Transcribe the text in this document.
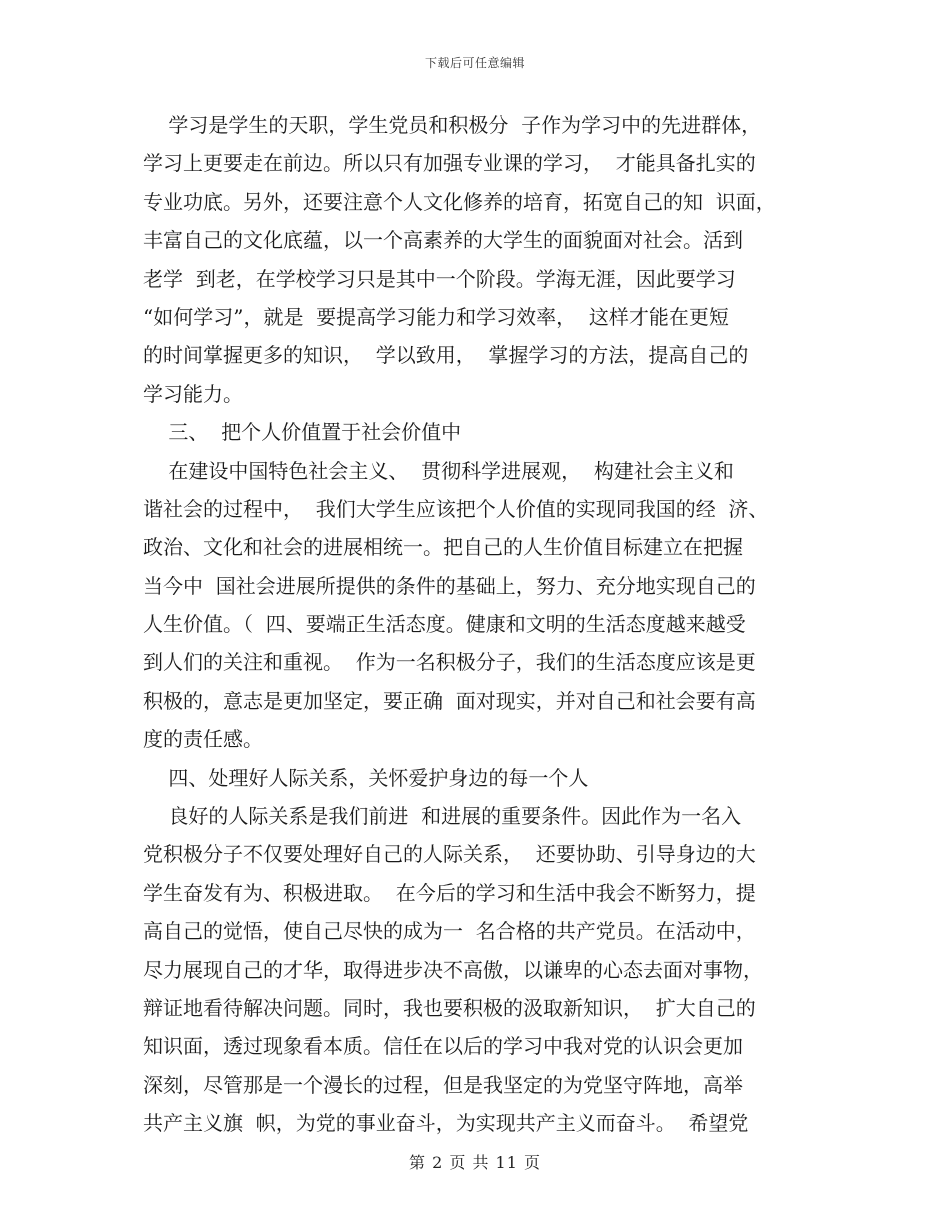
下载后可任意编辑
学习是学生的天职，学生党员和积极分  子作为学习中的先进群体，
学习上更要走在前边。所以只有加强专业课的学习，  才能具备扎实的
专业功底。另外，还要注意个人文化修养的培育，拓宽自己的知  识面，
丰富自己的文化底蕴，以一个高素养的大学生的面貌面对社会。活到
老学  到老，在学校学习只是其中一个阶段。学海无涯，因此要学习
“如何学习”，就是  要提高学习能力和学习效率，  这样才能在更短
的时间掌握更多的知识，  学以致用，  掌握学习的方法，提高自己的
学习能力。
三、  把个人价值置于社会价值中
在建设中国特色社会主义、  贯彻科学进展观，  构建社会主义和
谐社会的过程中，  我们大学生应该把个人价值的实现同我国的经  济、
政治、文化和社会的进展相统一。把自己的人生价值目标建立在把握
当今中  国社会进展所提供的条件的基础上，努力、充分地实现自己的
人生价值。（  四、要端正生活态度。健康和文明的生活态度越来越受
到人们的关注和重视。  作为一名积极分子，我们的生活态度应该是更
积极的，意志是更加坚定，要正确  面对现实，并对自己和社会要有高
度的责任感。
四、处理好人际关系，关怀爱护身边的每一个人
良好的人际关系是我们前进  和进展的重要条件。因此作为一名入
党积极分子不仅要处理好自己的人际关系，  还要协助、引导身边的大
学生奋发有为、积极进取。  在今后的学习和生活中我会不断努力，提
高自己的觉悟，使自己尽快的成为一  名合格的共产党员。在活动中，
尽力展现自己的才华，取得进步决不高傲，以谦卑的心态去面对事物，
辩证地看待解决问题。同时，我也要积极的汲取新知识，  扩大自己的
知识面，透过现象看本质。信任在以后的学习中我对党的认识会更加
深刻，尽管那是一个漫长的过程，但是我坚定的为党坚守阵地，高举
共产主义旗  帜，为党的事业奋斗，为实现共产主义而奋斗。  希望党
第 2 页 共 11 页
